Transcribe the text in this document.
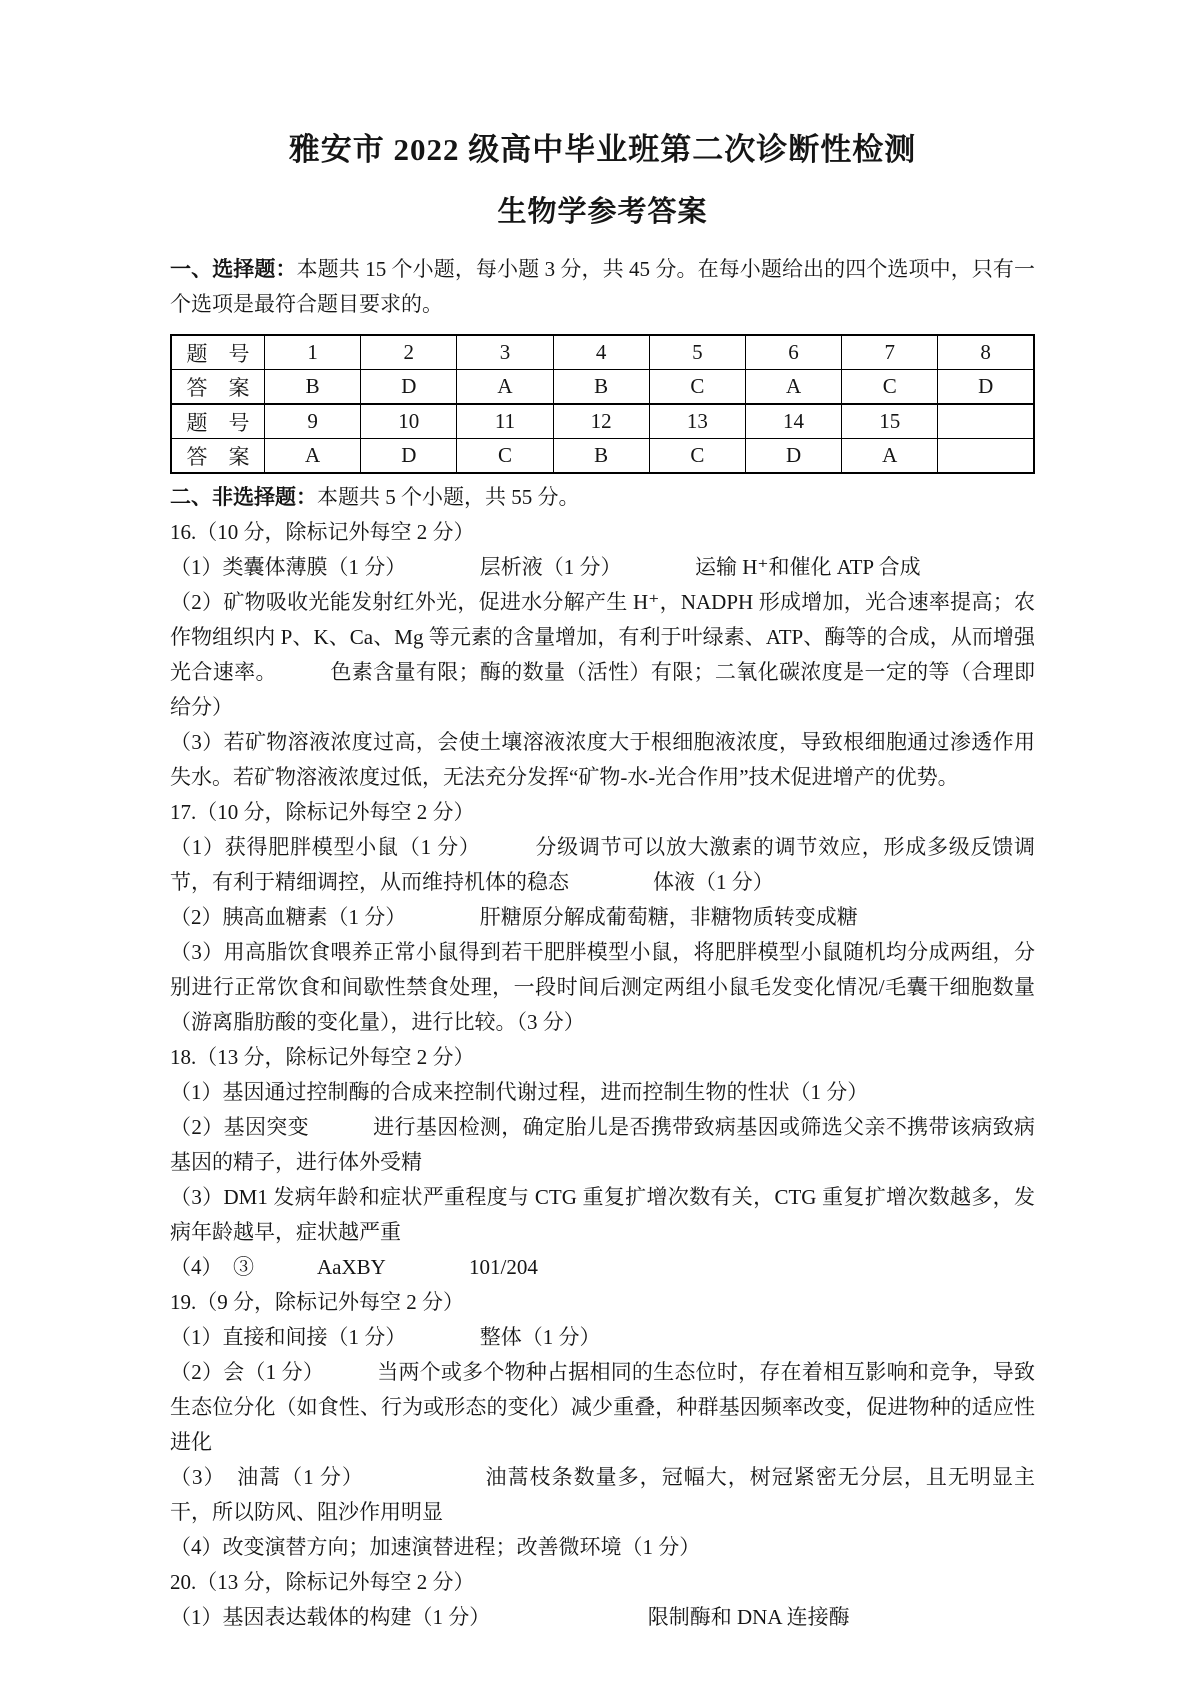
雅安市 2022 级高中毕业班第二次诊断性检测
生物学参考答案

一、选择题：本题共 15 个小题，每小题 3 分，共 45 分。在每小题给出的四个选项中，只有一个选项是最符合题目要求的。

题　号	1	2	3	4	5	6	7	8
答　案	B	D	A	B	C	A	C	D
题　号	9	10	11	12	13	14	15	
答　案	A	D	C	B	C	D	A	

二、非选择题：本题共 5 个小题，共 55 分。

16.（10 分，除标记外每空 2 分）

（1）类囊体薄膜（1 分）　　　　层析液（1 分）　　　　运输 H⁺和催化 ATP 合成

（2）矿物吸收光能发射红外光，促进水分解产生 H⁺，NADPH 形成增加，光合速率提高；农作物组织内 P、K、Ca、Mg 等元素的含量增加，有利于叶绿素、ATP、酶等的合成，从而增强光合速率。　　　色素含量有限；酶的数量（活性）有限；二氧化碳浓度是一定的等（合理即给分）

（3）若矿物溶液浓度过高，会使土壤溶液浓度大于根细胞液浓度，导致根细胞通过渗透作用失水。若矿物溶液浓度过低，无法充分发挥“矿物-水-光合作用”技术促进增产的优势。

17.（10 分，除标记外每空 2 分）

（1）获得肥胖模型小鼠（1 分）　　　分级调节可以放大激素的调节效应，形成多级反馈调节，有利于精细调控，从而维持机体的稳态　　　　体液（1 分）

（2）胰高血糖素（1 分）　　　　肝糖原分解成葡萄糖，非糖物质转变成糖

（3）用高脂饮食喂养正常小鼠得到若干肥胖模型小鼠，将肥胖模型小鼠随机均分成两组，分别进行正常饮食和间歇性禁食处理，一段时间后测定两组小鼠毛发变化情况/毛囊干细胞数量（游离脂肪酸的变化量），进行比较。（3 分）

18.（13 分，除标记外每空 2 分）

（1）基因通过控制酶的合成来控制代谢过程，进而控制生物的性状（1 分）

（2）基因突变　　　进行基因检测，确定胎儿是否携带致病基因或筛选父亲不携带该病致病基因的精子，进行体外受精

（3）DM1 发病年龄和症状严重程度与 CTG 重复扩增次数有关，CTG 重复扩增次数越多，发病年龄越早，症状越严重

（4）　③　　　AaXBY　　　　101/204

19.（9 分，除标记外每空 2 分）

（1）直接和间接（1 分）　　　　整体（1 分）

（2）会（1 分）　　　当两个或多个物种占据相同的生态位时，存在着相互影响和竞争，导致生态位分化（如食性、行为或形态的变化）减少重叠，种群基因频率改变，促进物种的适应性进化

（3）　油蒿（1 分）　　　　　　油蒿枝条数量多，冠幅大，树冠紧密无分层，且无明显主干，所以防风、阻沙作用明显

（4）改变演替方向；加速演替进程；改善微环境（1 分）

20.（13 分，除标记外每空 2 分）

（1）基因表达载体的构建（1 分）　　　　　　　　限制酶和 DNA 连接酶
